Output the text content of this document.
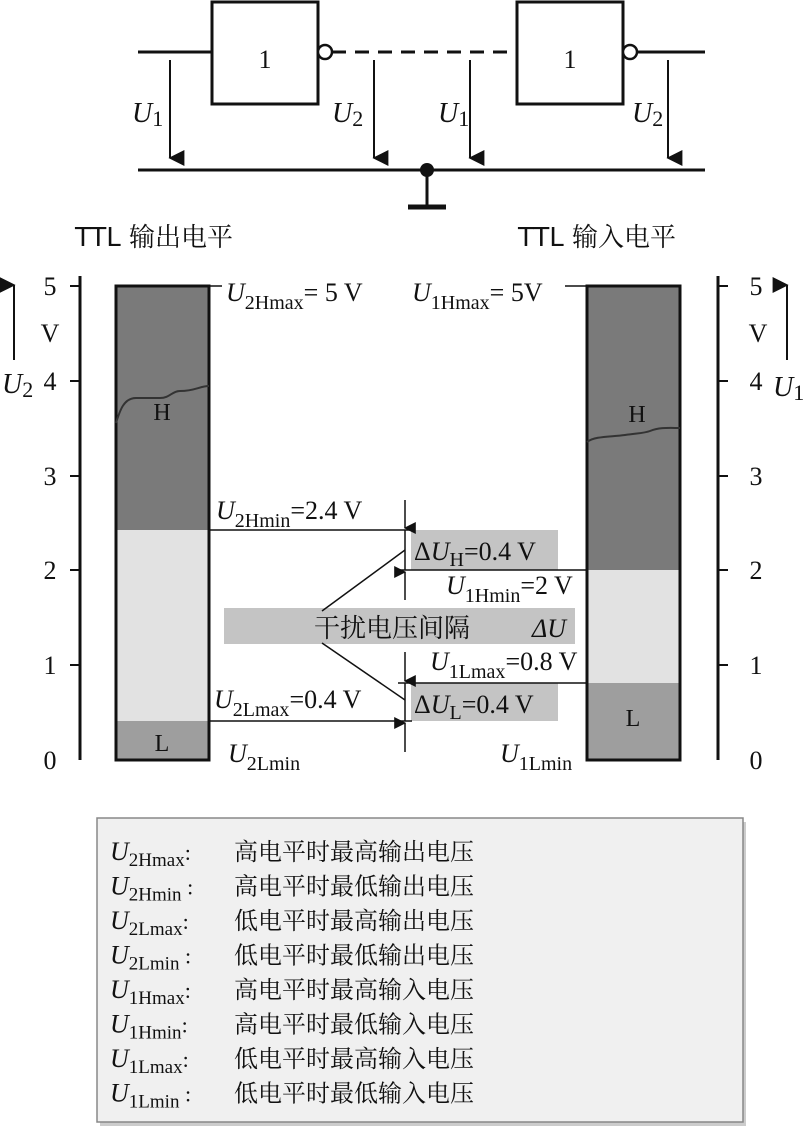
1	1
U1	U2	U1	U2
TTL 输出电平	TTL 输入电平
0
1
2
3
4
5
V
U2
H
L
0
1
2
3
4
5
V
U1
H
L
$U_{2Hmax}= 5$ V
$U_{2Hmin}=2.4$ V
$U_{2Lmax}=0.4$ V
$U_{2Lmin}$
$U_{1Hmax}= 5V$
$U_{1Hmin}=2$ V
$U_{1Lmax}=0.8$ V
$U_{1Lmin}$
$\Delta U_H=0.4$ V
$\Delta U_L=0.4$ V
干扰电压间隔 ΔU
$U_{2Hmax}^:$ 高电平时最高输出电压
$U_{2Hmin}$ : 高电平时最低输出电压
$U_{2Lmax}^:$ 低电平时最高输出电压
$U_{2Lmin}$ : 低电平时最低输出电压
$U_{1Hmax}^:$ 高电平时最高输入电压
$U_{1Hmin}^:$ 高电平时最低输入电压
$U_{1Lmax}^:$ 低电平时最高输入电压
$U_{1Lmin}$ : 低电平时最低输入电压
